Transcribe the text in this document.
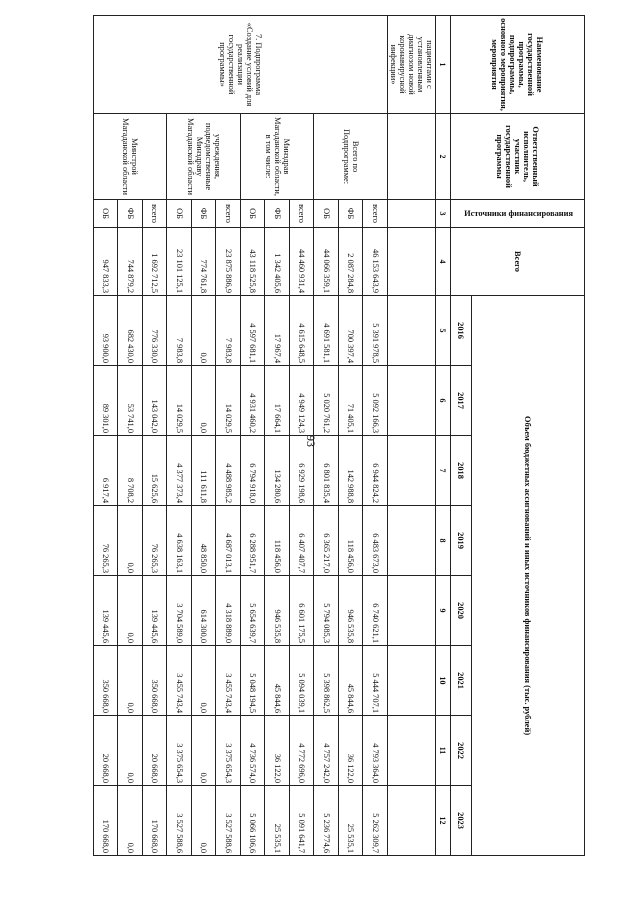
93
Наименование государственной программы, подпрограммы, основного мероприятия, мероприятия	Ответственный исполнитель, участник государственной программы	Источники финансирования	Всего	Объем бюджетных ассигнований и иных источников финансирования (тыс. рублей)							
				2016	2017	2018	2019	2020	2021	2022	2023
1	2	3	4	5	6	7	8	9	10	11	12
пациентами с установленным диагнозом новой коронавирусной инфекции»											
7. Подпрограмма «Создание условий для реализации государственной программы»	Всего по Подпрограмме:	всего	46 153 643,9	5 391 978,5	5 092 166,3	6 944 824,2	6 483 673,0	6 740 621,1	5 444 707,1	4 793 364,0	5 262 309,7
		ФБ	2 087 284,8	700 397,4	71 405,1	142 988,8	118 456,0	946 535,8	45 844,6	36 122,0	25 535,1
		ОБ	44 066 359,1	4 691 581,1	5 020 761,2	6 801 835,4	6 365 217,0	5 794 085,3	5 398 862,5	4 757 242,0	5 236 774,6
	Минздрав Магаданской области, в том числе:	всего	44 460 931,4	4 615 648,5	4 949 124,3	6 929 198,6	6 407 407,7	6 601 175,5	5 094 039,1	4 772 696,0	5 091 641,7
		ФБ	1 342 405,6	17 967,4	17 664,1	134 280,6	118 456,0	946 535,8	45 844,6	36 122,0	25 535,1
		ОБ	43 118 525,8	4 597 681,1	4 931 460,2	6 794 918,0	6 288 951,7	5 654 639,7	5 048 194,5	4 736 574,0	5 066 106,6
	учреждения, подведомственные Минздраву Магаданской области	всего	23 875 886,9	7 983,8	14 029,5	4 488 985,2	4 687 013,1	4 318 889,0	3 455 743,4	3 375 654,3	3 527 588,6
		ФБ	774 761,8	0,0	0,0	111 611,8	48 850,0	614 300,0	0,0	0,0	0,0
		ОБ	23 101 125,1	7 983,8	14 029,5	4 377 373,4	4 638 163,1	3 704 589,0	3 455 743,4	3 375 654,3	3 527 588,6
	Минстрой Магаданской области	всего	1 692 712,5	776 330,0	143 042,0	15 625,6	76 265,3	139 445,6	350 668,0	20 668,0	170 668,0
		ФБ	744 879,2	682 430,0	53 741,0	8 708,2	0,0	0,0	0,0	0,0	0,0
		ОБ	947 833,3	93 900,0	89 301,0	6 917,4	76 265,3	139 445,6	350 668,0	20 668,0	170 668,0
